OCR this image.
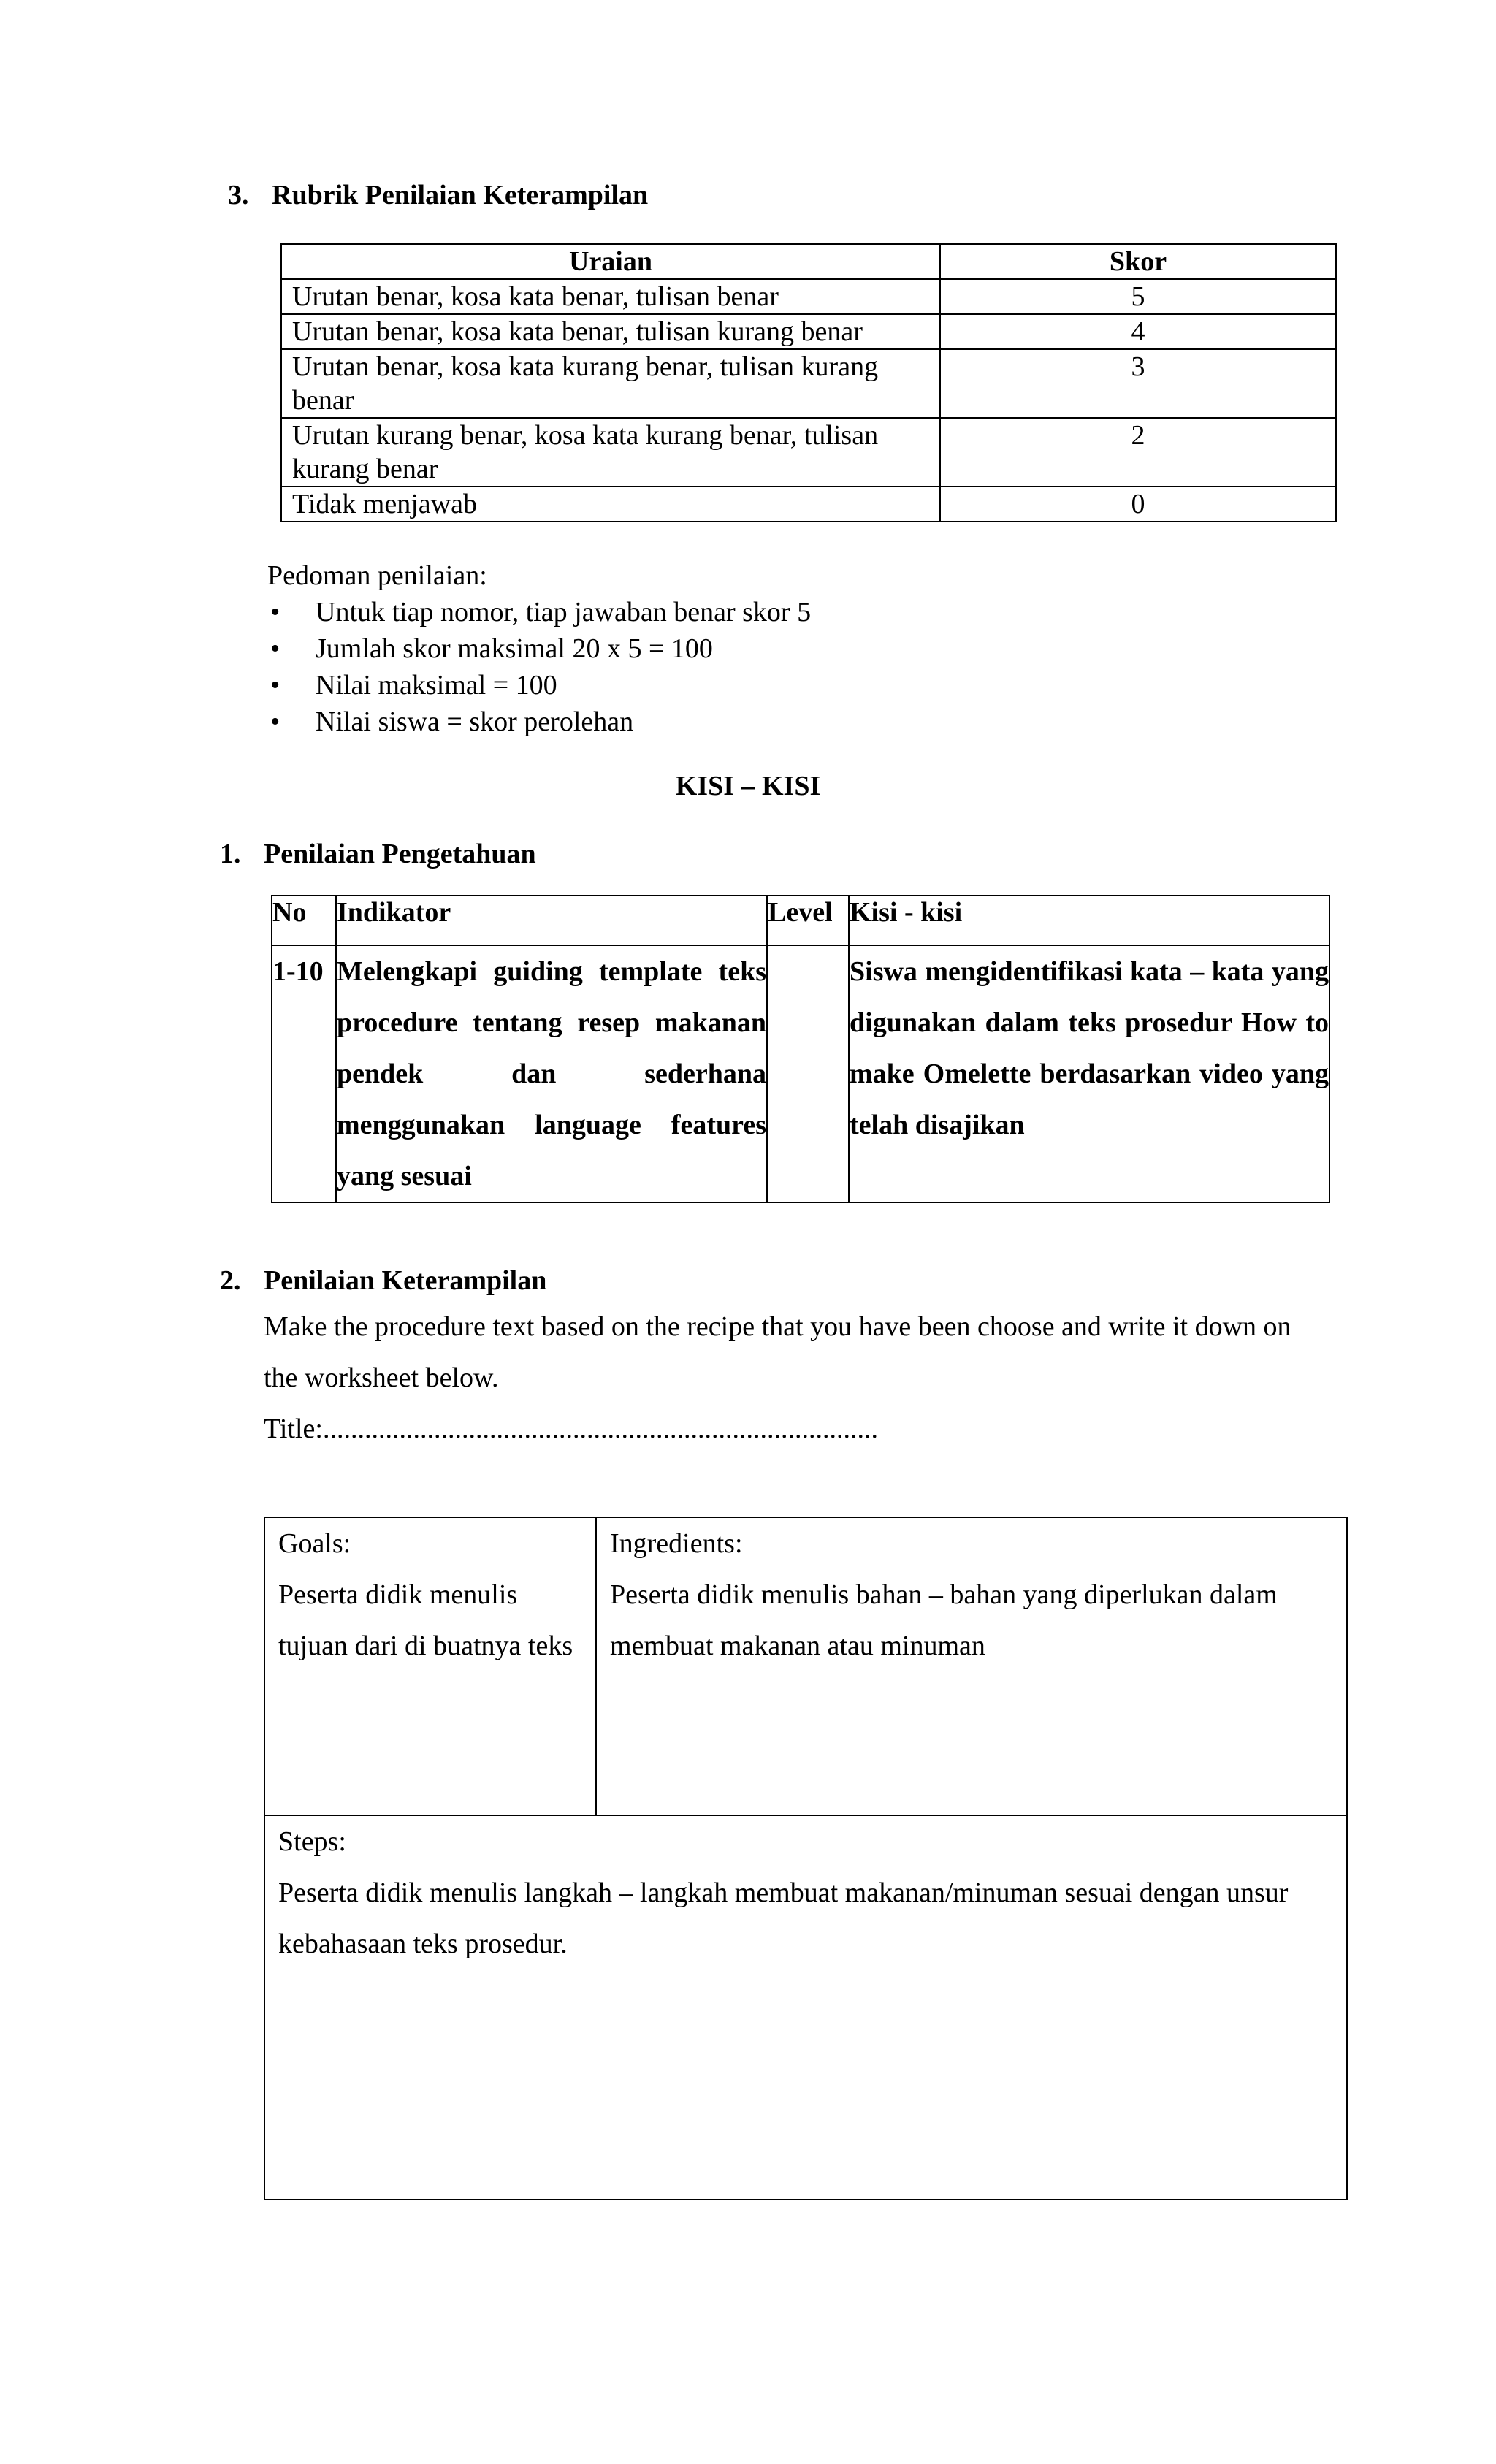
3. Rubrik Penilaian Keterampilan
Uraian	Skor
Urutan benar, kosa kata benar, tulisan benar	5
Urutan benar, kosa kata benar, tulisan kurang benar	4
Urutan benar, kosa kata kurang benar, tulisan kurang
benar	3
Urutan kurang benar, kosa kata kurang benar, tulisan
kurang benar	2
Tidak menjawab	0
Pedoman penilaian:
• Untuk tiap nomor, tiap jawaban benar skor 5
• Jumlah skor maksimal 20 x 5 = 100
• Nilai maksimal = 100
• Nilai siswa = skor perolehan
KISI – KISI
1. Penilaian Pengetahuan
No	Indikator	Level	Kisi - kisi
1-10	Melengkapi guiding template teks procedure tentang resep makanan pendek dan sederhana menggunakan language features yang sesuai		Siswa mengidentifikasi kata – kata yang digunakan dalam teks prosedur How to make Omelette berdasarkan video yang telah disajikan
2. Penilaian Keterampilan
Make the procedure text based on the recipe that you have been choose and write it down on the worksheet below.
Title:................................................................................
Goals:
Peserta didik menulis tujuan dari di buatnya teks
Ingredients:
Peserta didik menulis bahan – bahan yang diperlukan dalam membuat makanan atau minuman
Steps:
Peserta didik menulis langkah – langkah membuat makanan/minuman sesuai dengan unsur kebahasaan teks prosedur.
